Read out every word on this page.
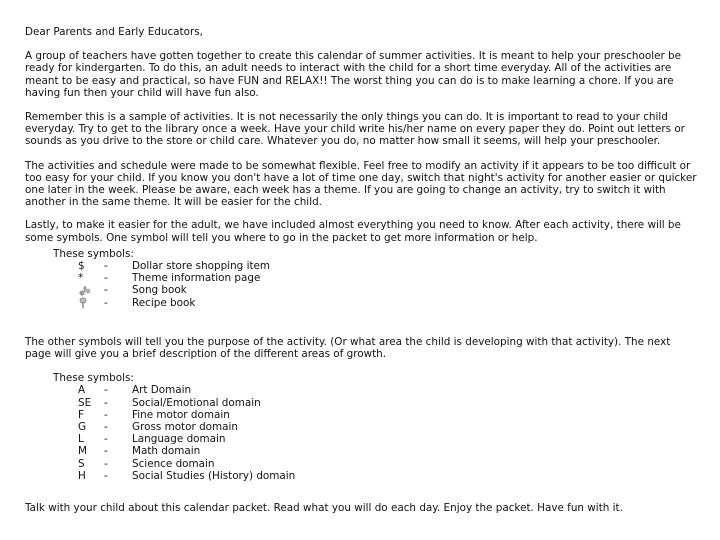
Dear Parents and Early Educators,

A group of teachers have gotten together to create this calendar of summer activities. It is meant to help your preschooler be ready for kindergarten. To do this, an adult needs to interact with the child for a short time everyday. All of the activities are meant to be easy and practical, so have FUN and RELAX!! The worst thing you can do is to make learning a chore. If you are having fun then your child will have fun also.

Remember this is a sample of activities. It is not necessarily the only things you can do. It is important to read to your child everyday. Try to get to the library once a week. Have your child write his/her name on every paper they do. Point out letters or sounds as you drive to the store or child care. Whatever you do, no matter how small it seems, will help your preschooler.

The activities and schedule were made to be somewhat flexible. Feel free to modify an activity if it appears to be too difficult or too easy for your child. If you know you don't have a lot of time one day, switch that night's activity for another easier or quicker one later in the week. Please be aware, each week has a theme. If you are going to change an activity, try to switch it with another in the same theme. It will be easier for the child.

Lastly, to make it easier for the adult, we have included almost everything you need to know. After each activity, there will be some symbols. One symbol will tell you where to go in the packet to get more information or help.

These symbols:
$	-	Dollar store shopping item
*	-	Theme information page
-	Song book
-	Recipe book

The other symbols will tell you the purpose of the activity. (Or what area the child is developing with that activity). The next page will give you a brief description of the different areas of growth.

These symbols:
A	-	Art Domain
SE	-	Social/Emotional domain
F	-	Fine motor domain
G	-	Gross motor domain
L	-	Language domain
M	-	Math domain
S	-	Science domain
H	-	Social Studies (History) domain

Talk with your child about this calendar packet. Read what you will do each day. Enjoy the packet. Have fun with it.
